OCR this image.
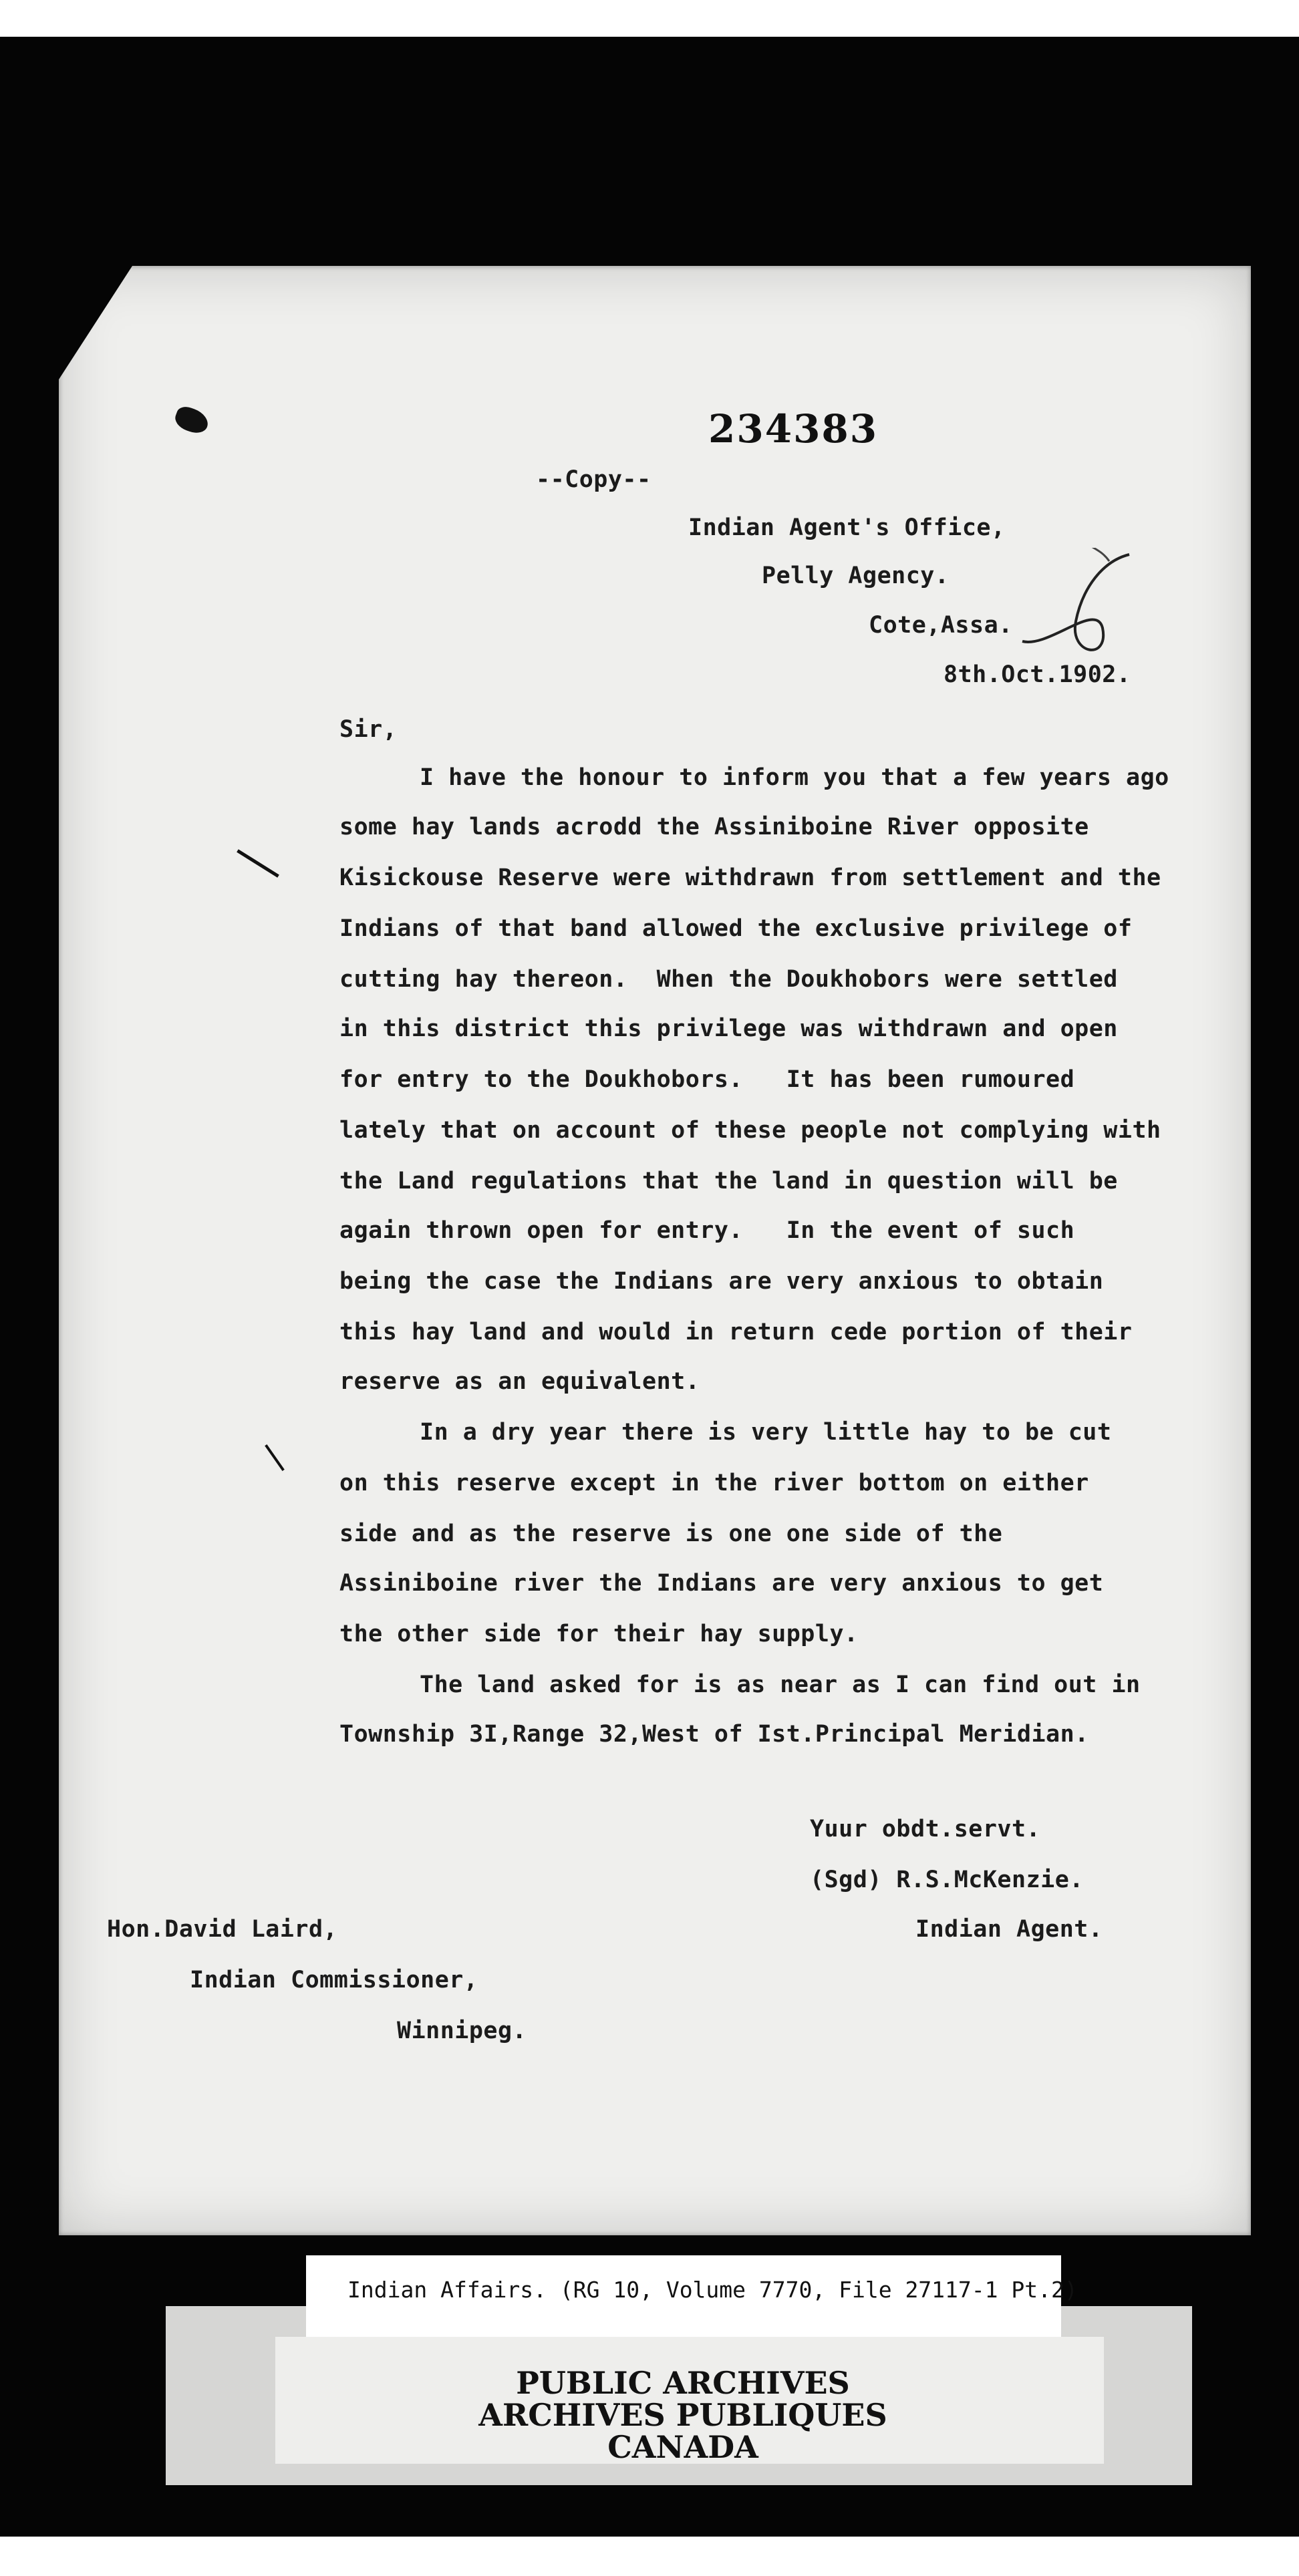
234383
--Copy--
Indian Agent's Office,
Pelly Agency.
Cote,Assa.
8th.Oct.1902.
Sir,
I have the honour to inform you that a few years ago
some hay lands acrodd the Assiniboine River opposite
Kisickouse Reserve were withdrawn from settlement and the
Indians of that band allowed the exclusive privilege of
cutting hay thereon.  When the Doukhobors were settled
in this district this privilege was withdrawn and open
for entry to the Doukhobors.   It has been rumoured
lately that on account of these people not complying with
the Land regulations that the land in question will be
again thrown open for entry.   In the event of such
being the case the Indians are very anxious to obtain
this hay land and would in return cede portion of their
reserve as an equivalent.
In a dry year there is very little hay to be cut
on this reserve except in the river bottom on either
side and as the reserve is one one side of the
Assiniboine river the Indians are very anxious to get
the other side for their hay supply.
The land asked for is as near as I can find out in
Township 3I,Range 32,West of Ist.Principal Meridian.
Yuur obdt.servt.
(Sgd) R.S.McKenzie.
Indian Agent.
Hon.David Laird,
Indian Commissioner,
Winnipeg.
Indian Affairs. (RG 10, Volume 7770, File 27117-1 Pt.2)
PUBLIC ARCHIVES
ARCHIVES PUBLIQUES
CANADA
